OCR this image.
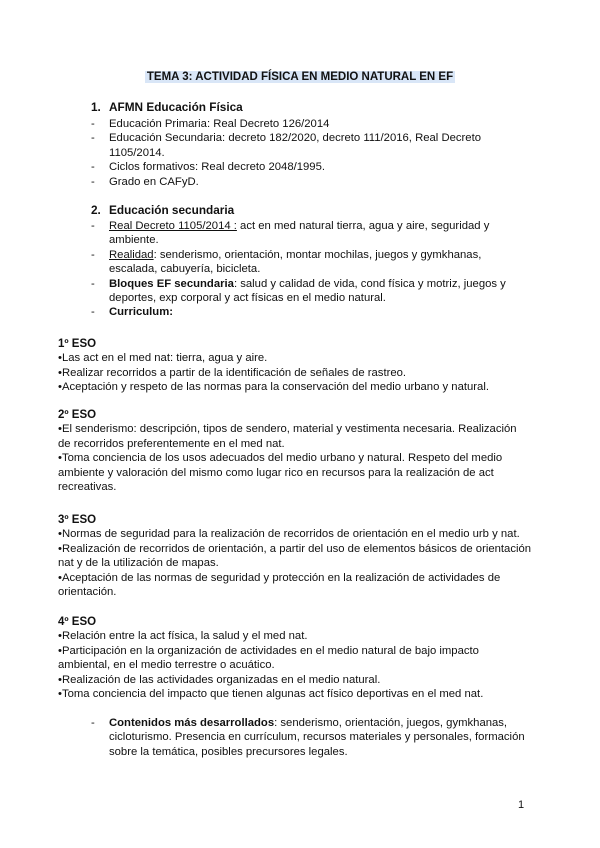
TEMA 3: ACTIVIDAD FÍSICA EN MEDIO NATURAL EN EF
1. AFMN Educación Física
- Educación Primaria: Real Decreto 126/2014
- Educación Secundaria: decreto 182/2020, decreto 111/2016, Real Decreto 1105/2014.
- Ciclos formativos: Real decreto 2048/1995.
- Grado en CAFyD.
2. Educación secundaria
- Real Decreto 1105/2014 : act en med natural tierra, agua y aire, seguridad y ambiente.
- Realidad: senderismo, orientación, montar mochilas, juegos y gymkhanas, escalada, cabuyería, bicicleta.
- Bloques EF secundaria: salud y calidad de vida, cond física y motriz, juegos y deportes, exp corporal y act físicas en el medio natural.
- Curriculum:
1º ESO
•Las act en el med nat: tierra, agua y aire.
•Realizar recorridos a partir de la identificación de señales de rastreo.
•Aceptación y respeto de las normas para la conservación del medio urbano y natural.
2º ESO
•El senderismo: descripción, tipos de sendero, material y vestimenta necesaria. Realización de recorridos preferentemente en el med nat.
•Toma conciencia de los usos adecuados del medio urbano y natural. Respeto del medio ambiente y valoración del mismo como lugar rico en recursos para la realización de act recreativas.
3º ESO
•Normas de seguridad para la realización de recorridos de orientación en el medio urb y nat.
•Realización de recorridos de orientación, a partir del uso de elementos básicos de orientación nat y de la utilización de mapas.
•Aceptación de las normas de seguridad y protección en la realización de actividades de orientación.
4º ESO
•Relación entre la act física, la salud y el med nat.
•Participación en la organización de actividades en el medio natural de bajo impacto ambiental, en el medio terrestre o acuático.
•Realización de las actividades organizadas en el medio natural.
•Toma conciencia del impacto que tienen algunas act físico deportivas en el med nat.
- Contenidos más desarrollados: senderismo, orientación, juegos, gymkhanas, cicloturismo. Presencia en currículum, recursos materiales y personales, formación sobre la temática, posibles precursores legales.
1
